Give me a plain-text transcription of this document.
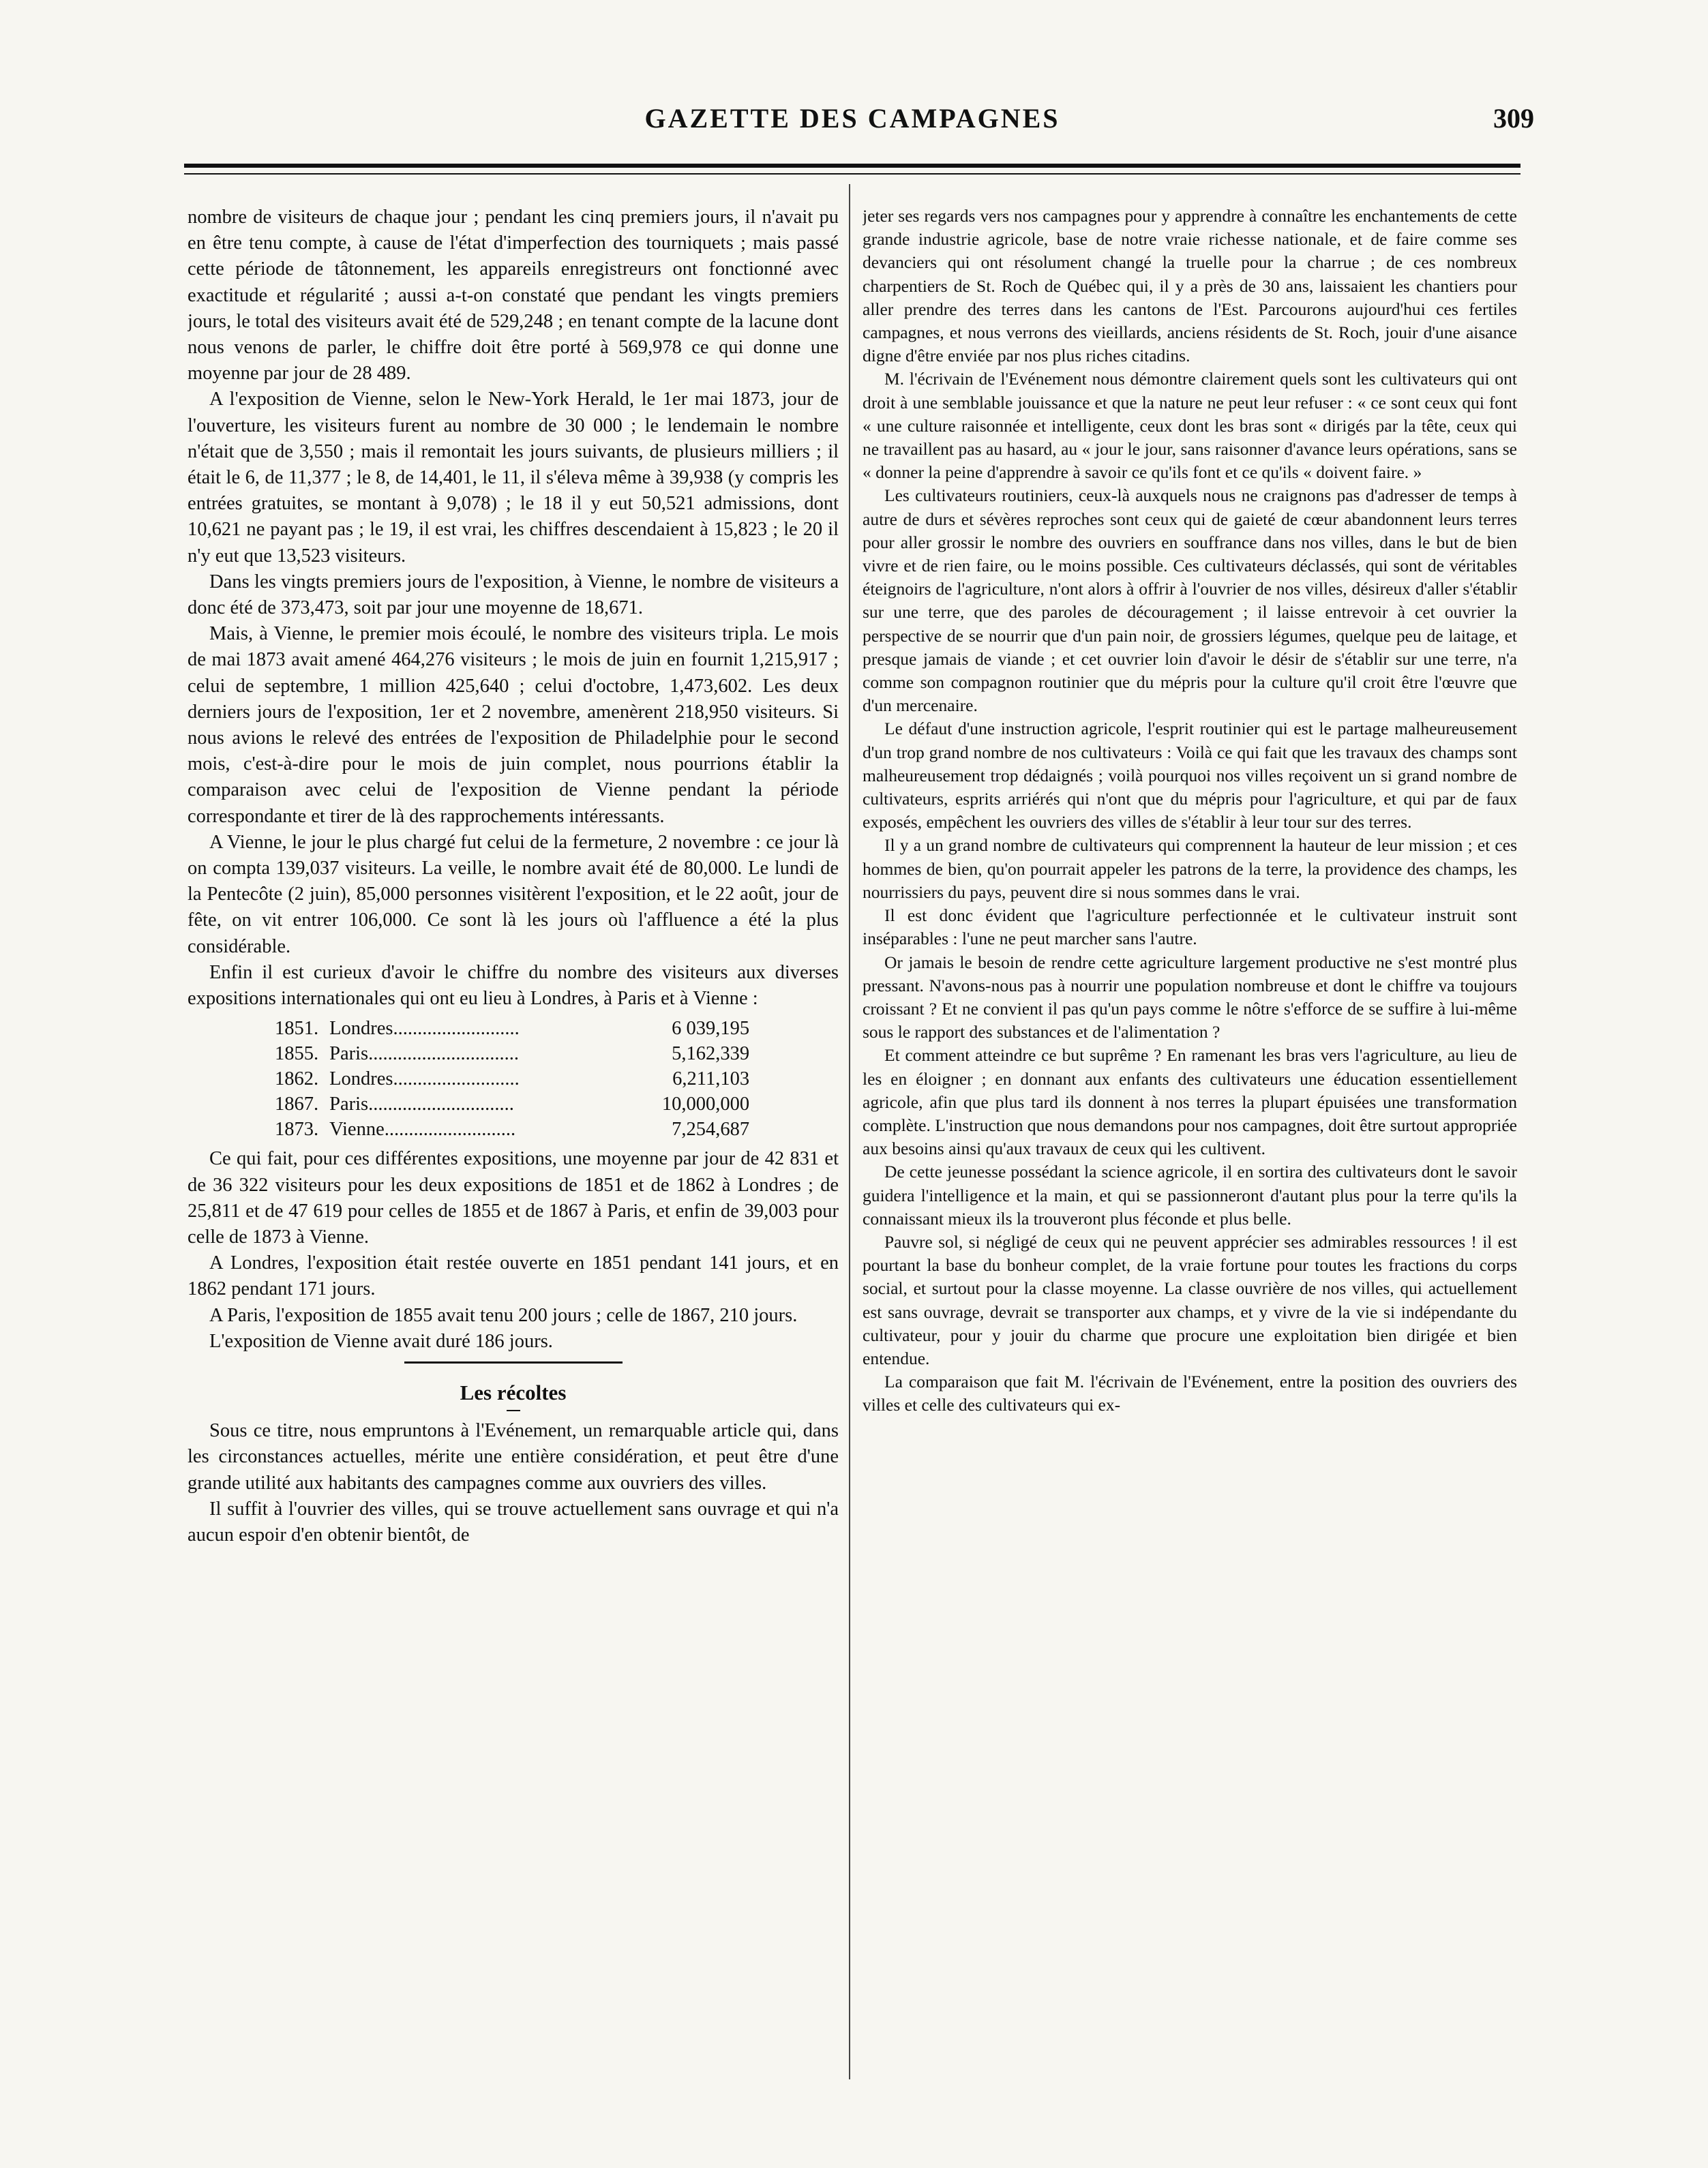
GAZETTE DES CAMPAGNES	309

nombre de visiteurs de chaque jour ; pendant les cinq premiers jours, il n'avait pu en être tenu compte, à cause de l'état d'imperfection des tourniquets ; mais passé cette période de tâtonnement, les appareils enregistreurs ont fonctionné avec exactitude et régularité ; aussi a-t-on constaté que pendant les vingts premiers jours, le total des visiteurs avait été de 529,248 ; en tenant compte de la lacune dont nous venons de parler, le chiffre doit être porté à 569,978 ce qui donne une moyenne par jour de 28 489.

A l'exposition de Vienne, selon le New-York Herald, le 1er mai 1873, jour de l'ouverture, les visiteurs furent au nombre de 30 000 ; le lendemain le nombre n'était que de 3,550 ; mais il remontait les jours suivants, de plusieurs milliers ; il était le 6, de 11,377 ; le 8, de 14,401, le 11, il s'éleva même à 39,938 (y compris les entrées gratuites, se montant à 9,078) ; le 18 il y eut 50,521 admissions, dont 10,621 ne payant pas ; le 19, il est vrai, les chiffres descendaient à 15,823 ; le 20 il n'y eut que 13,523 visiteurs.

Dans les vingts premiers jours de l'exposition, à Vienne, le nombre de visiteurs a donc été de 373,473, soit par jour une moyenne de 18,671.

Mais, à Vienne, le premier mois écoulé, le nombre des visiteurs tripla. Le mois de mai 1873 avait amené 464,276 visiteurs ; le mois de juin en fournit 1,215,917 ; celui de septembre, 1 million 425,640 ; celui d'octobre, 1,473,602. Les deux derniers jours de l'exposition, 1er et 2 novembre, amenèrent 218,950 visiteurs. Si nous avions le relevé des entrées de l'exposition de Philadelphie pour le second mois, c'est-à-dire pour le mois de juin complet, nous pourrions établir la comparaison avec celui de l'exposition de Vienne pendant la période correspondante et tirer de là des rapprochements intéressants.

A Vienne, le jour le plus chargé fut celui de la fermeture, 2 novembre : ce jour là on compta 139,037 visiteurs. La veille, le nombre avait été de 80,000. Le lundi de la Pentecôte (2 juin), 85,000 personnes visitèrent l'exposition, et le 22 août, jour de fête, on vit entrer 106,000. Ce sont là les jours où l'affluence a été la plus considérable.

Enfin il est curieux d'avoir le chiffre du nombre des visiteurs aux diverses expositions internationales qui ont eu lieu à Londres, à Paris et à Vienne :

1851.	Londres..........................	6 039,195
1855.	Paris...............................	5,162,339
1862.	Londres..........................	6,211,103
1867.	Paris..............................	10,000,000
1873.	Vienne...........................	7,254,687

Ce qui fait, pour ces différentes expositions, une moyenne par jour de 42 831 et de 36 322 visiteurs pour les deux expositions de 1851 et de 1862 à Londres ; de 25,811 et de 47 619 pour celles de 1855 et de 1867 à Paris, et enfin de 39,003 pour celle de 1873 à Vienne.

A Londres, l'exposition était restée ouverte en 1851 pendant 141 jours, et en 1862 pendant 171 jours.

A Paris, l'exposition de 1855 avait tenu 200 jours ; celle de 1867, 210 jours.

L'exposition de Vienne avait duré 186 jours.

Les récoltes

Sous ce titre, nous empruntons à l'Evénement, un remarquable article qui, dans les circonstances actuelles, mérite une entière considération, et peut être d'une grande utilité aux habitants des campagnes comme aux ouvriers des villes.

Il suffit à l'ouvrier des villes, qui se trouve actuellement sans ouvrage et qui n'a aucun espoir d'en obtenir bientôt, de

jeter ses regards vers nos campagnes pour y apprendre à connaître les enchantements de cette grande industrie agricole, base de notre vraie richesse nationale, et de faire comme ses devanciers qui ont résolument changé la truelle pour la charrue ; de ces nombreux charpentiers de St. Roch de Québec qui, il y a près de 30 ans, laissaient les chantiers pour aller prendre des terres dans les cantons de l'Est. Parcourons aujourd'hui ces fertiles campagnes, et nous verrons des vieillards, anciens résidents de St. Roch, jouir d'une aisance digne d'être enviée par nos plus riches citadins.

M. l'écrivain de l'Evénement nous démontre clairement quels sont les cultivateurs qui ont droit à une semblable jouissance et que la nature ne peut leur refuser : « ce sont ceux qui font « une culture raisonnée et intelligente, ceux dont les bras sont « dirigés par la tête, ceux qui ne travaillent pas au hasard, au « jour le jour, sans raisonner d'avance leurs opérations, sans se « donner la peine d'apprendre à savoir ce qu'ils font et ce qu'ils « doivent faire. »

Les cultivateurs routiniers, ceux-là auxquels nous ne craignons pas d'adresser de temps à autre de durs et sévères reproches sont ceux qui de gaieté de cœur abandonnent leurs terres pour aller grossir le nombre des ouvriers en souffrance dans nos villes, dans le but de bien vivre et de rien faire, ou le moins possible. Ces cultivateurs déclassés, qui sont de véritables éteignoirs de l'agriculture, n'ont alors à offrir à l'ouvrier de nos villes, désireux d'aller s'établir sur une terre, que des paroles de découragement ; il laisse entrevoir à cet ouvrier la perspective de se nourrir que d'un pain noir, de grossiers légumes, quelque peu de laitage, et presque jamais de viande ; et cet ouvrier loin d'avoir le désir de s'établir sur une terre, n'a comme son compagnon routinier que du mépris pour la culture qu'il croit être l'œuvre que d'un mercenaire.

Le défaut d'une instruction agricole, l'esprit routinier qui est le partage malheureusement d'un trop grand nombre de nos cultivateurs : Voilà ce qui fait que les travaux des champs sont malheureusement trop dédaignés ; voilà pourquoi nos villes reçoivent un si grand nombre de cultivateurs, esprits arriérés qui n'ont que du mépris pour l'agriculture, et qui par de faux exposés, empêchent les ouvriers des villes de s'établir à leur tour sur des terres.

Il y a un grand nombre de cultivateurs qui comprennent la hauteur de leur mission ; et ces hommes de bien, qu'on pourrait appeler les patrons de la terre, la providence des champs, les nourrissiers du pays, peuvent dire si nous sommes dans le vrai.

Il est donc évident que l'agriculture perfectionnée et le cultivateur instruit sont inséparables : l'une ne peut marcher sans l'autre.

Or jamais le besoin de rendre cette agriculture largement productive ne s'est montré plus pressant. N'avons-nous pas à nourrir une population nombreuse et dont le chiffre va toujours croissant ? Et ne convient il pas qu'un pays comme le nôtre s'efforce de se suffire à lui-même sous le rapport des substances et de l'alimentation ?

Et comment atteindre ce but suprême ? En ramenant les bras vers l'agriculture, au lieu de les en éloigner ; en donnant aux enfants des cultivateurs une éducation essentiellement agricole, afin que plus tard ils donnent à nos terres la plupart épuisées une transformation complète. L'instruction que nous demandons pour nos campagnes, doit être surtout appropriée aux besoins ainsi qu'aux travaux de ceux qui les cultivent.

De cette jeunesse possédant la science agricole, il en sortira des cultivateurs dont le savoir guidera l'intelligence et la main, et qui se passionneront d'autant plus pour la terre qu'ils la connaissant mieux ils la trouveront plus féconde et plus belle.

Pauvre sol, si négligé de ceux qui ne peuvent apprécier ses admirables ressources ! il est pourtant la base du bonheur complet, de la vraie fortune pour toutes les fractions du corps social, et surtout pour la classe moyenne. La classe ouvrière de nos villes, qui actuellement est sans ouvrage, devrait se transporter aux champs, et y vivre de la vie si indépendante du cultivateur, pour y jouir du charme que procure une exploitation bien dirigée et bien entendue.

La comparaison que fait M. l'écrivain de l'Evénement, entre la position des ouvriers des villes et celle des cultivateurs qui ex-
